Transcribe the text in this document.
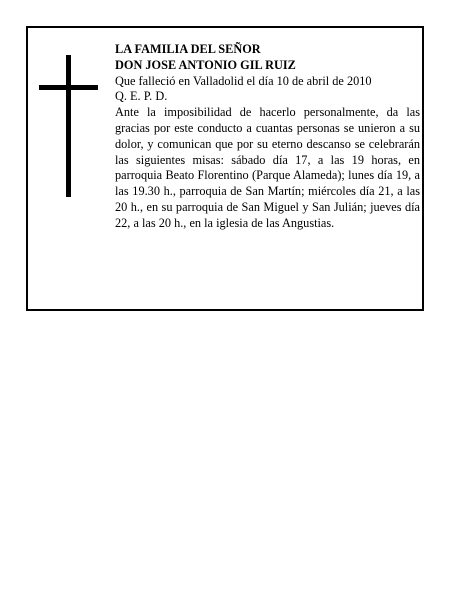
LA FAMILIA DEL SEÑOR

DON JOSE ANTONIO GIL RUIZ

Que falleció en Valladolid el día 10 de abril de 2010

Q. E. P. D.

Ante la imposibilidad de hacerlo personalmente, da las gracias por este conducto a cuantas personas se unieron a su dolor, y comunican que por su eterno descanso se celebrarán las siguientes misas: sábado día 17, a las 19 horas, en parroquia Beato Florentino (Parque Alameda); lunes día 19, a las 19.30 h., parroquia de San Martín; miércoles día 21, a las 20 h., en su parroquia de San Miguel y San Julián; jueves día 22, a las 20 h., en la iglesia de las Angustias.
